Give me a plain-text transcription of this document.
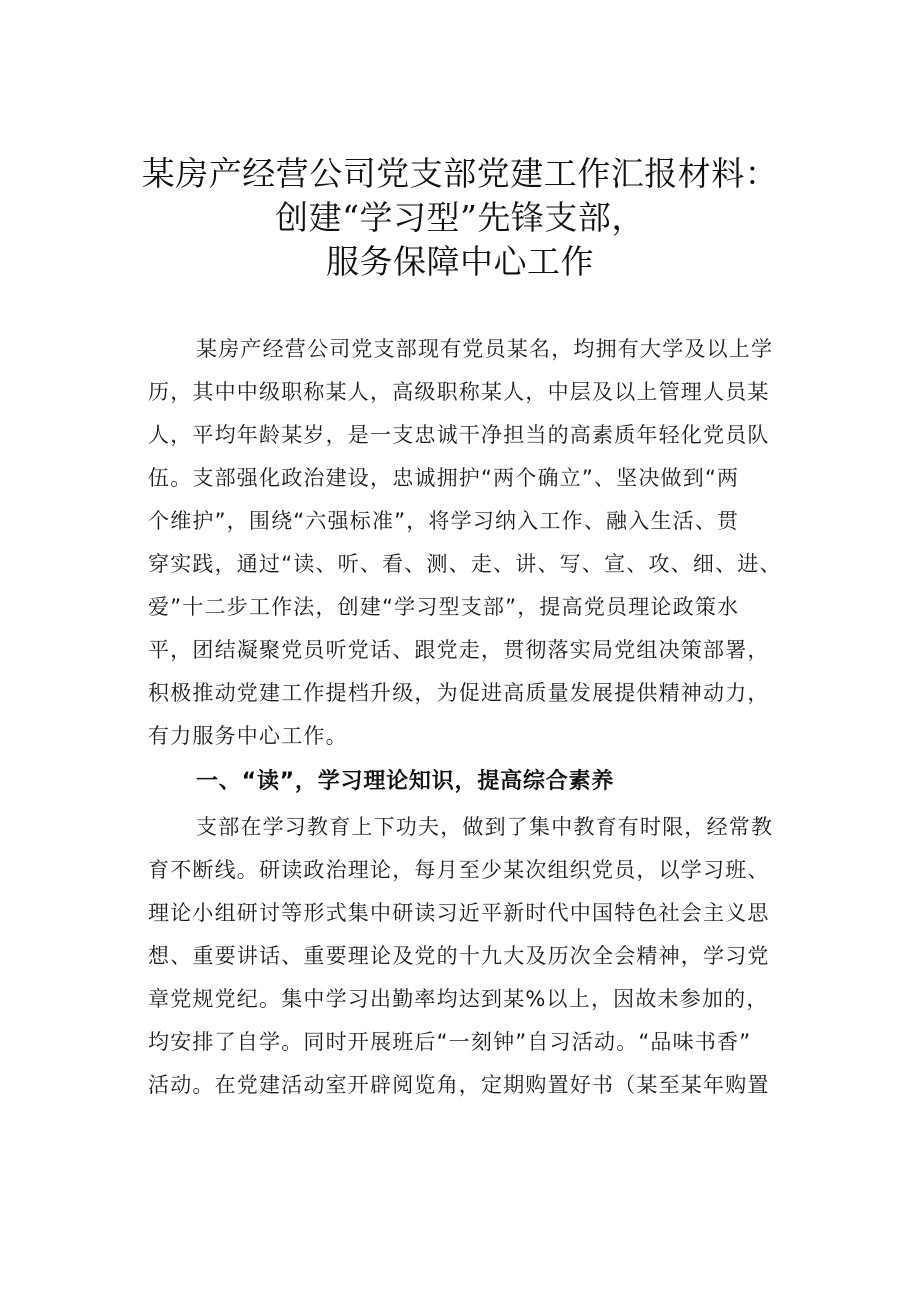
某房产经营公司党支部党建工作汇报材料：
创建“学习型”先锋支部，
服务保障中心工作
某房产经营公司党支部现有党员某名，均拥有大学及以上学
历，其中中级职称某人，高级职称某人，中层及以上管理人员某
人，平均年龄某岁，是一支忠诚干净担当的高素质年轻化党员队
伍。支部强化政治建设，忠诚拥护“两个确立”、坚决做到“两
个维护”，围绕“六强标准”，将学习纳入工作、融入生活、贯
穿实践，通过“读、听、看、测、走、讲、写、宣、攻、细、进、
爱”十二步工作法，创建“学习型支部”，提高党员理论政策水
平，团结凝聚党员听党话、跟党走，贯彻落实局党组决策部署，
积极推动党建工作提档升级，为促进高质量发展提供精神动力，
有力服务中心工作。
一、“读”，学习理论知识，提高综合素养
支部在学习教育上下功夫，做到了集中教育有时限，经常教
育不断线。研读政治理论，每月至少某次组织党员，以学习班、
理论小组研讨等形式集中研读习近平新时代中国特色社会主义思
想、重要讲话、重要理论及党的十九大及历次全会精神，学习党
章党规党纪。集中学习出勤率均达到某%以上，因故未参加的，
均安排了自学。同时开展班后“一刻钟”自习活动。“品味书香”
活动。在党建活动室开辟阅览角，定期购置好书（某至某年购置
